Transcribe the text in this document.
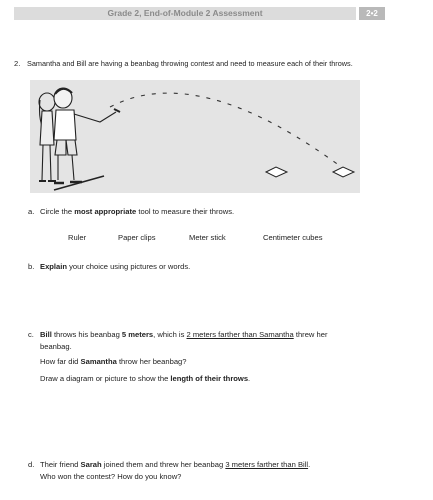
Grade 2, End-of-Module 2 Assessment	2•2
2. Samantha and Bill are having a beanbag throwing contest and need to measure each of their throws.
a. Circle the most appropriate tool to measure their throws.
Ruler	Paper clips	Meter stick	Centimeter cubes
b. Explain your choice using pictures or words.
c. Bill throws his beanbag 5 meters, which is 2 meters farther than Samantha threw her
beanbag.
How far did Samantha throw her beanbag?
Draw a diagram or picture to show the length of their throws.
d. Their friend Sarah joined them and threw her beanbag 3 meters farther than Bill.
Who won the contest? How do you know?
